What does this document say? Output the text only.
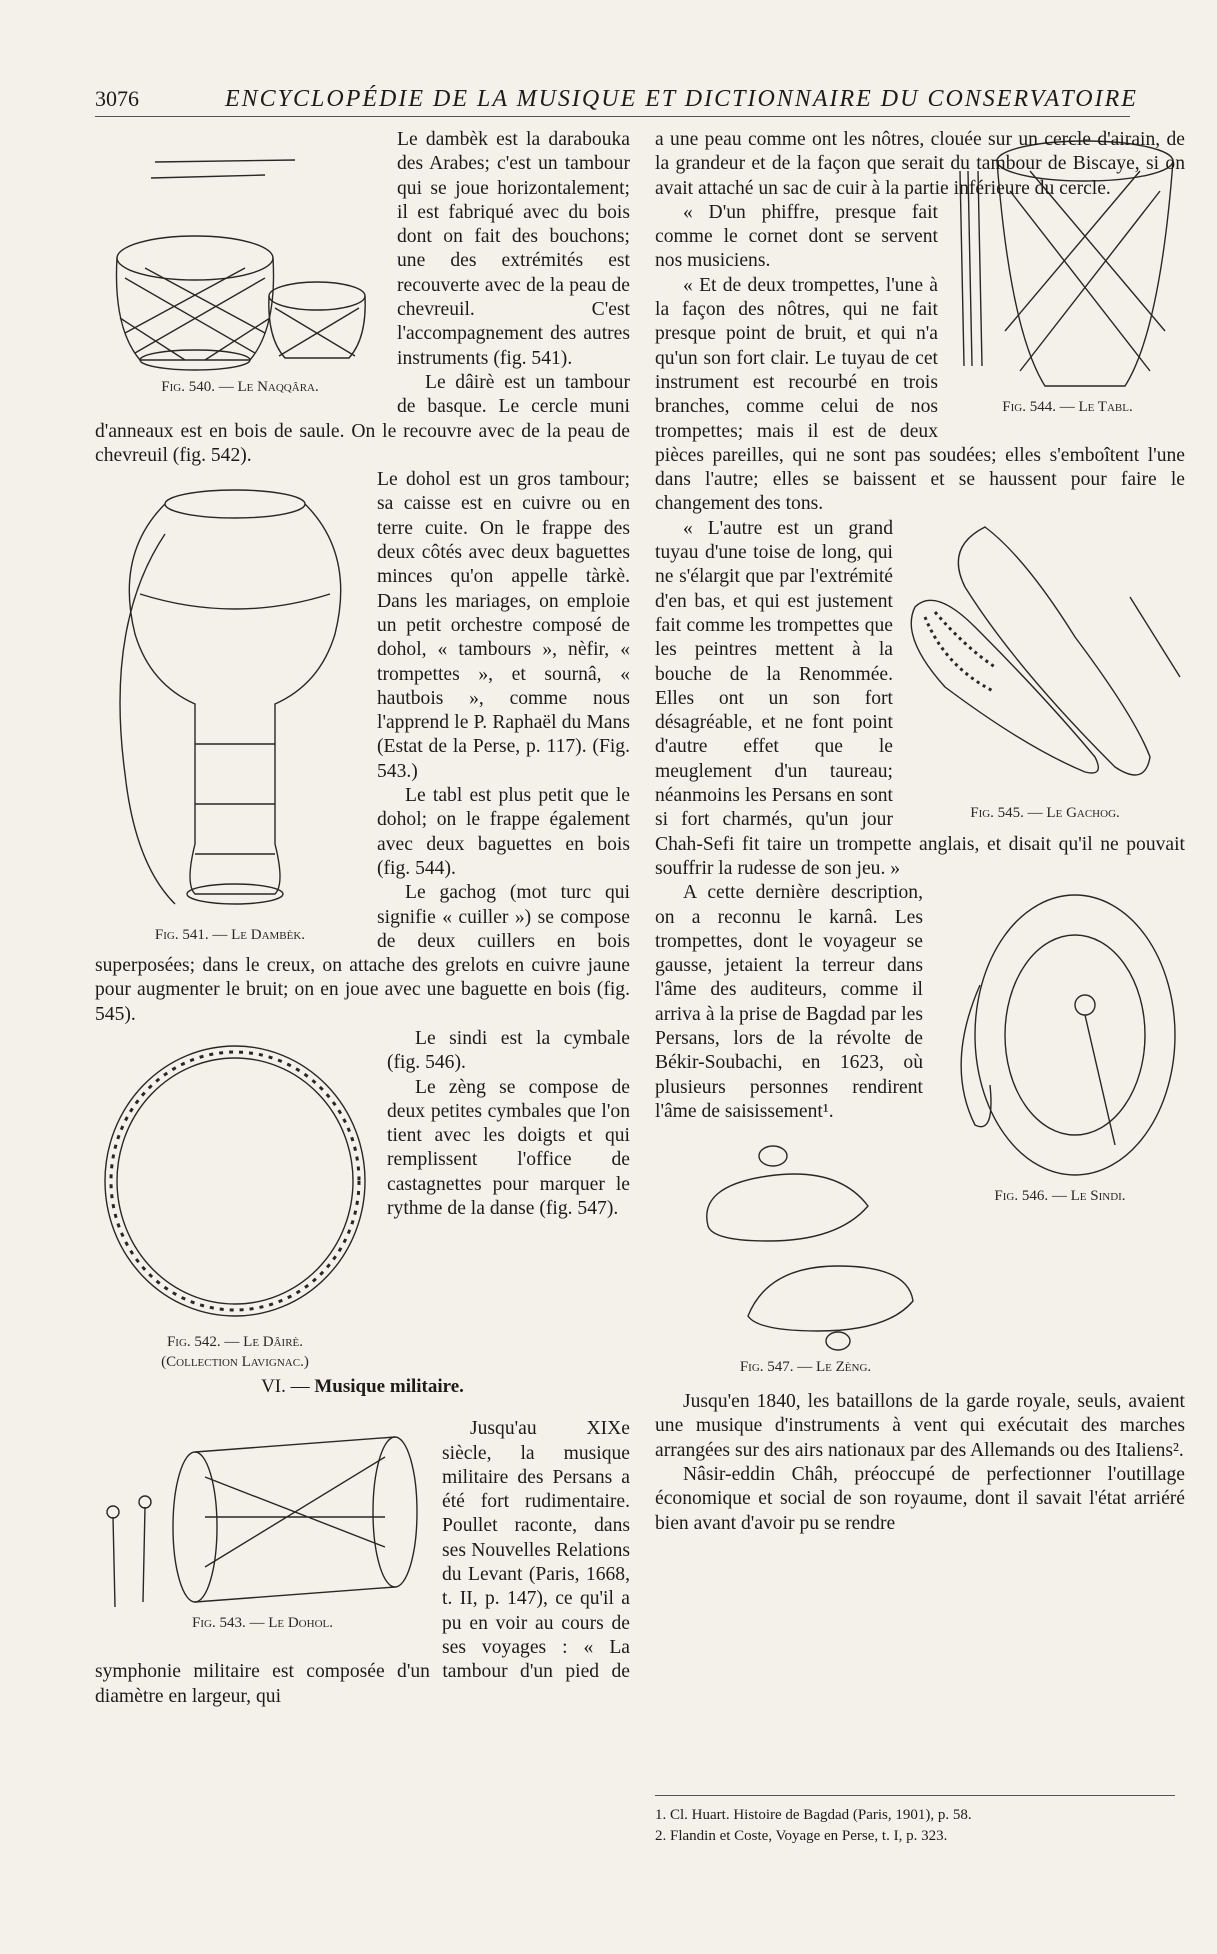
3076	ENCYCLOPÉDIE DE LA MUSIQUE ET DICTIONNAIRE DU CONSERVATOIRE
Fig. 540. — Le Naqqâra.

Le dambèk est la darabouka des Arabes; c'est un tambour qui se joue horizontalement; il est fabriqué avec du bois dont on fait des bouchons; une des extrémités est recouverte avec de la peau de chevreuil. C'est l'accompagnement des autres instruments (fig. 541).

Le dâirè est un tambour de basque. Le cercle muni d'anneaux est en bois de saule. On le recouvre avec de la peau de chevreuil (fig. 542).

Fig. 541. — Le Dambèk.

Le dohol est un gros tambour; sa caisse est en cuivre ou en terre cuite. On le frappe des deux côtés avec deux baguettes minces qu'on appelle tàrkè. Dans les mariages, on emploie un petit orchestre composé de dohol, « tambours », nèfir, « trompettes », et sournâ, « hautbois », comme nous l'apprend le P. Raphaël du Mans (Estat de la Perse, p. 117). (Fig. 543.)

Le tabl est plus petit que le dohol; on le frappe également avec deux baguettes en bois (fig. 544).

Le gachog (mot turc qui signifie « cuiller ») se compose de deux cuillers en bois superposées; dans le creux, on attache des grelots en cuivre jaune pour augmenter le bruit; on en joue avec une baguette en bois (fig. 545).

Fig. 542. — Le Dâirè.
(Collection Lavignac.)

Le sindi est la cymbale (fig. 546).

Le zèng se compose de deux petites cymbales que l'on tient avec les doigts et qui remplissent l'office de castagnettes pour marquer le rythme de la danse (fig. 547).

VI. — Musique militaire.
Fig. 543. — Le Dohol.

Jusqu'au XIXe siècle, la musique militaire des Persans a été fort rudimentaire. Poullet raconte, dans ses Nouvelles Relations du Levant (Paris, 1668, t. II, p. 147), ce qu'il a pu en voir au cours de ses voyages : « La symphonie militaire est composée d'un tambour d'un pied de diamètre en largeur, qui

a une peau comme ont les nôtres, clouée sur un cercle d'airain, de la grandeur et de la façon que serait du tambour de Biscaye, si on avait attaché un sac de cuir à la partie inférieure du cercle.

Fig. 544. — Le Tabl.

« D'un phiffre, presque fait comme le cornet dont se servent nos musiciens.

« Et de deux trompettes, l'une à la façon des nôtres, qui ne fait presque point de bruit, et qui n'a qu'un son fort clair. Le tuyau de cet instrument est recourbé en trois branches, comme celui de nos trompettes; mais il est de deux pièces pareilles, qui ne sont pas soudées; elles s'emboîtent l'une dans l'autre; elles se baissent et se haussent pour faire le changement des tons.

Fig. 545. — Le Gachog.

« L'autre est un grand tuyau d'une toise de long, qui ne s'élargit que par l'extrémité d'en bas, et qui est justement fait comme les trompettes que les peintres mettent à la bouche de la Renommée. Elles ont un son fort désagréable, et ne font point d'autre effet que le meuglement d'un taureau; néanmoins les Persans en sont si fort charmés, qu'un jour Chah-Sefi fit taire un trompette anglais, et disait qu'il ne pouvait souffrir la rudesse de son jeu. »

Fig. 546. — Le Sindi.

A cette dernière description, on a reconnu le karnâ. Les trompettes, dont le voyageur se gausse, jetaient la terreur dans l'âme des auditeurs, comme il arriva à la prise de Bagdad par les Persans, lors de la révolte de Békir-Soubachi, en 1623, où plusieurs personnes rendirent l'âme de saisissement¹.

Fig. 547. — Le Zèng.

Jusqu'en 1840, les bataillons de la garde royale, seuls, avaient une musique d'instruments à vent qui exécutait des marches arrangées sur des airs nationaux par des Allemands ou des Italiens².

Nâsir-eddin Châh, préoccupé de perfectionner l'outillage économique et social de son royaume, dont il savait l'état arriéré bien avant d'avoir pu se rendre

1. Cl. Huart. Histoire de Bagdad (Paris, 1901), p. 58.
2. Flandin et Coste, Voyage en Perse, t. I, p. 323.
